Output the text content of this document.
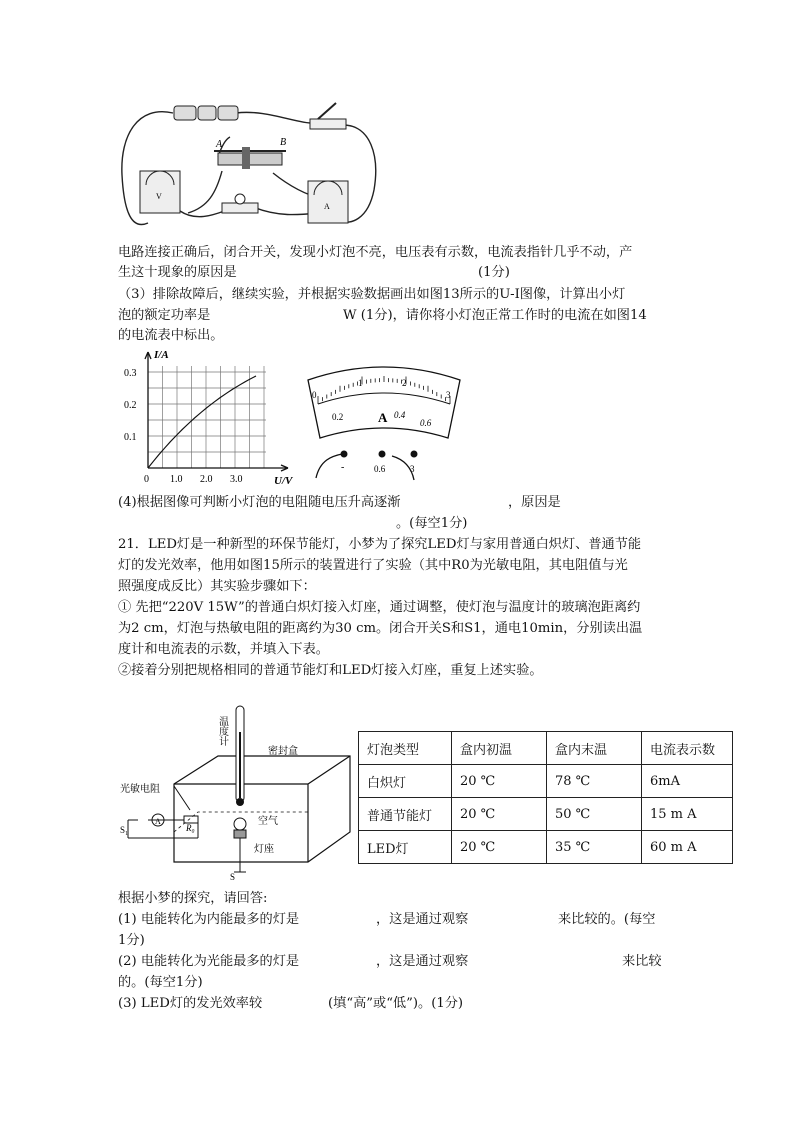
A	B
V
A
电路连接正确后，闭合开关，发现小灯泡不亮，电压表有示数，电流表指针几乎不动，产
生这十现象的原因是	(1分)
（3）排除故障后，继续实验，并根据实验数据画出如图13所示的U-I图像，计算出小灯
泡的额定功率是	W (1分)，请你将小灯泡正常工作时的电流在如图14
的电流表中标出。
I/A
U/V
0.3
0.2
0.1
0 1.0 2.0 3.0
0
1	2
3
0.2	0.4
0.6
A
-	0.6	3
(4)根据图像可判断小灯泡的电阻随电压升高逐渐	，原因是
。(每空1分)
21．LED灯是一种新型的环保节能灯，小梦为了探究LED灯与家用普通白炽灯、普通节能
灯的发光效率，他用如图15所示的装置进行了实验（其中R0为光敏电阻，其电阻值与光
照强度成反比）其实验步骤如下：
① 先把“220V 15W”的普通白炽灯接入灯座，通过调整，使灯泡与温度计的玻璃泡距离约
为2 cm，灯泡与热敏电阻的距离约为30 cm。闭合开关S和S1，通电10min，分别读出温
度计和电流表的示数，并填入下表。
②接着分别把规格相同的普通节能灯和LED灯接入灯座，重复上述实验。
光敏电阻
温度计
密封盒
空气
灯座
S₁	R₀
S
A
灯泡类型	盒内初温	盒内末温	电流表示数
白炽灯	20 ℃	78 ℃	6mA
普通节能灯	20 ℃	50 ℃	15 m A
LED灯	20 ℃	35 ℃	60 m A
根据小梦的探究，请回答:
(1) 电能转化为内能最多的灯是	，这是通过观察	来比较的。(每空
1分)
(2) 电能转化为光能最多的灯是	，这是通过观察	来比较
的。(每空1分)
(3) LED灯的发光效率较	(填“高”或“低”)。(1分)
